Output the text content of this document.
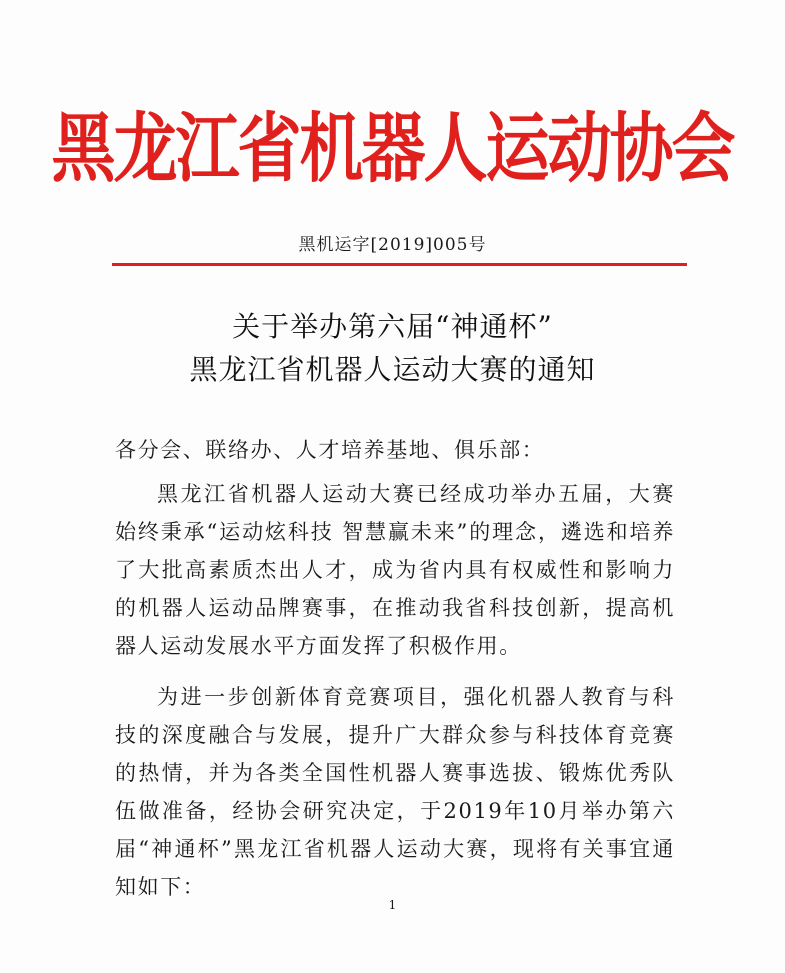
黑龙江省机器人运动协会
黑机运字[2019]005号
关于举办第六届“神通杯”
黑龙江省机器人运动大赛的通知
各分会、联络办、人才培养基地、俱乐部：

黑龙江省机器人运动大赛已经成功举办五届，大赛始终秉承“运动炫科技 智慧赢未来”的理念，遴选和培养了大批高素质杰出人才，成为省内具有权威性和影响力的机器人运动品牌赛事，在推动我省科技创新，提高机器人运动发展水平方面发挥了积极作用。

为进一步创新体育竞赛项目，强化机器人教育与科技的深度融合与发展，提升广大群众参与科技体育竞赛的热情，并为各类全国性机器人赛事选拔、锻炼优秀队伍做准备，经协会研究决定，于2019年10月举办第六届“神通杯”黑龙江省机器人运动大赛，现将有关事宜通知如下：

1
